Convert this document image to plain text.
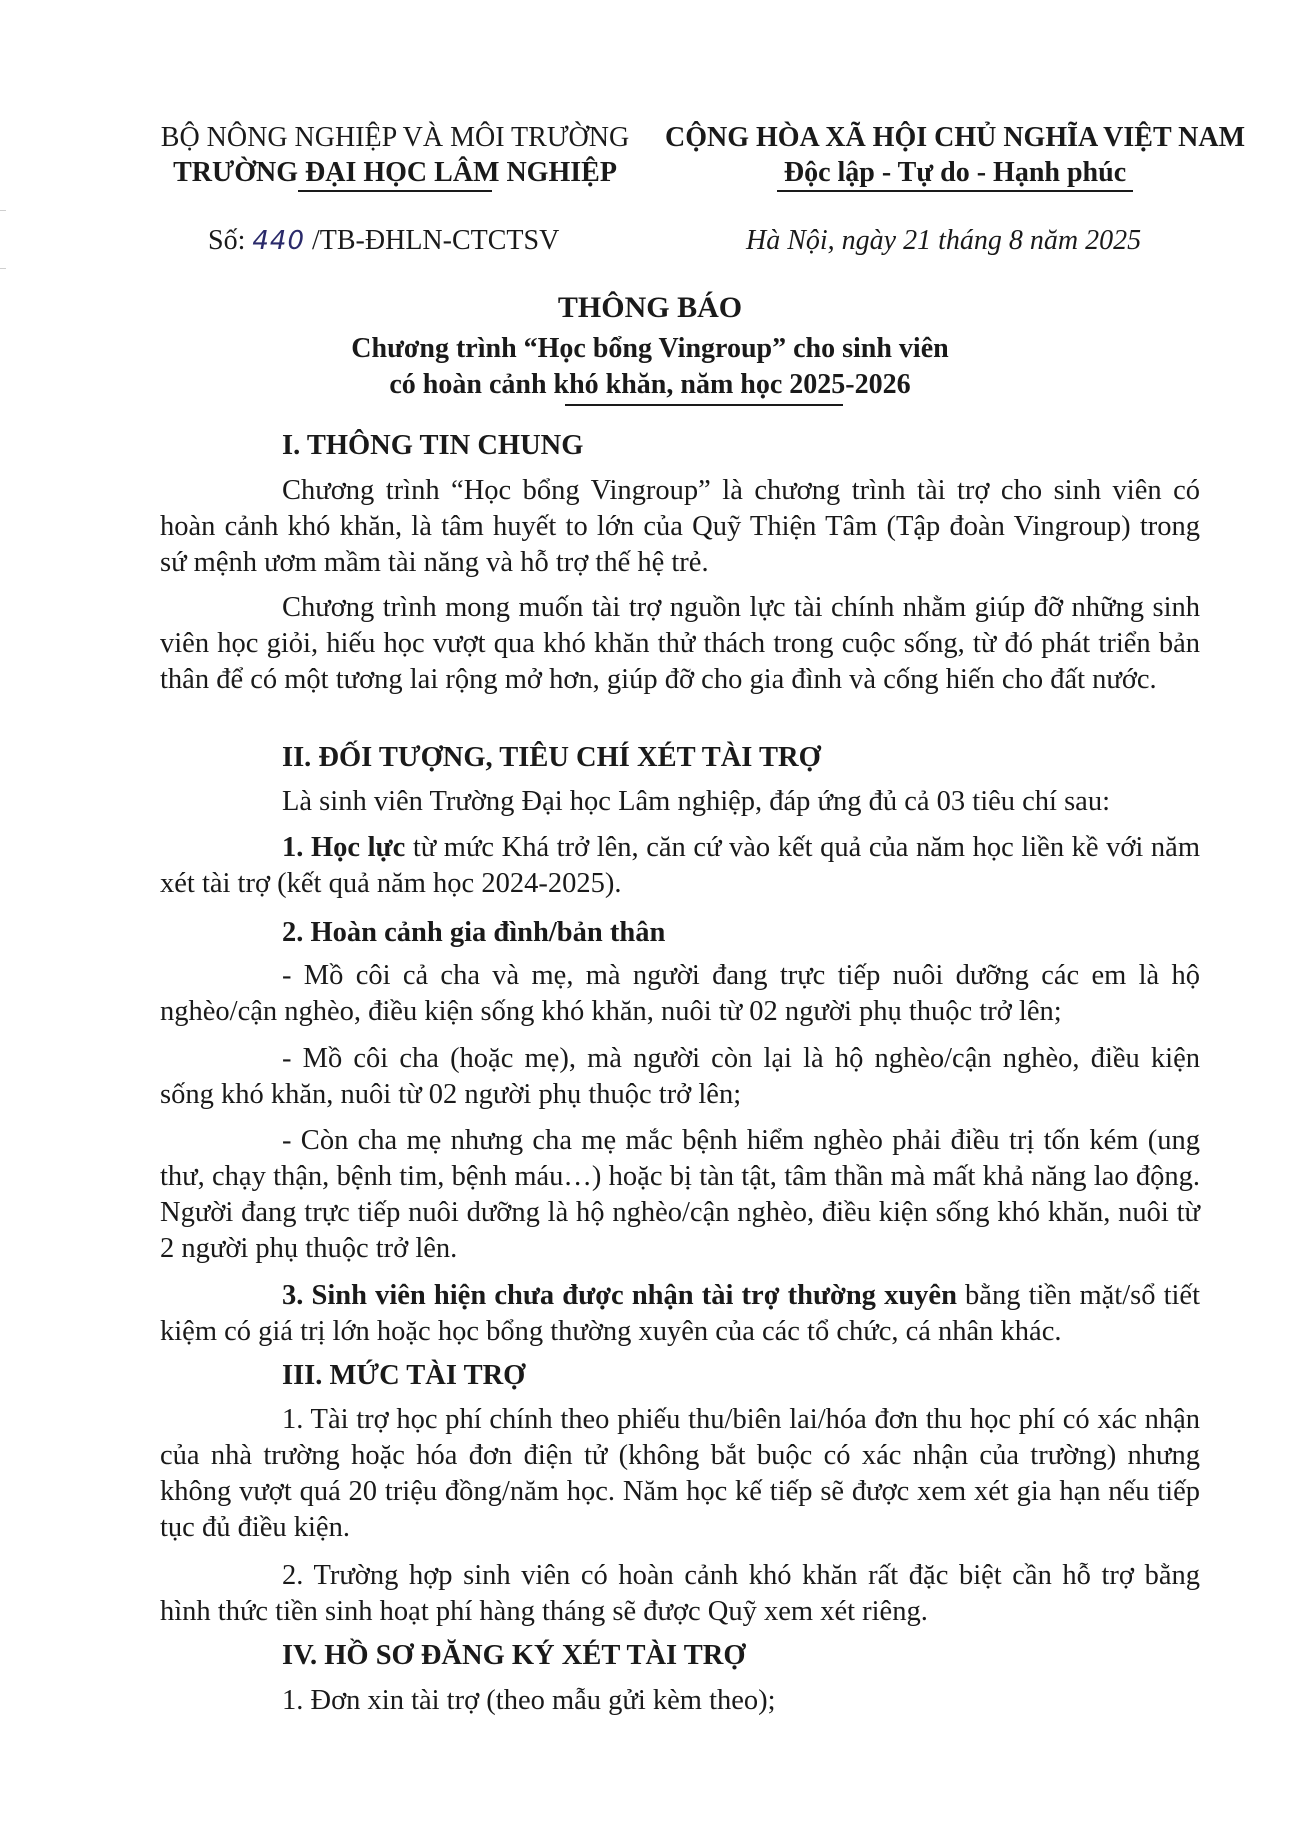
BỘ NÔNG NGHIỆP VÀ MÔI TRƯỜNG
TRƯỜNG ĐẠI HỌC LÂM NGHIỆP
CỘNG HÒA XÃ HỘI CHỦ NGHĨA VIỆT NAM
Độc lập - Tự do - Hạnh phúc
Số: 440 /TB-ĐHLN-CTCTSV	Hà Nội, ngày 21 tháng 8 năm 2025
THÔNG BÁO
Chương trình “Học bổng Vingroup” cho sinh viên
có hoàn cảnh khó khăn, năm học 2025-2026
I. THÔNG TIN CHUNG
Chương trình “Học bổng Vingroup” là chương trình tài trợ cho sinh viên có hoàn cảnh khó khăn, là tâm huyết to lớn của Quỹ Thiện Tâm (Tập đoàn Vingroup) trong sứ mệnh ươm mầm tài năng và hỗ trợ thế hệ trẻ.
Chương trình mong muốn tài trợ nguồn lực tài chính nhằm giúp đỡ những sinh viên học giỏi, hiếu học vượt qua khó khăn thử thách trong cuộc sống, từ đó phát triển bản thân để có một tương lai rộng mở hơn, giúp đỡ cho gia đình và cống hiến cho đất nước.
II. ĐỐI TƯỢNG, TIÊU CHÍ XÉT TÀI TRỢ
Là sinh viên Trường Đại học Lâm nghiệp, đáp ứng đủ cả 03 tiêu chí sau:
1. Học lực từ mức Khá trở lên, căn cứ vào kết quả của năm học liền kề với năm xét tài trợ (kết quả năm học 2024-2025).
2. Hoàn cảnh gia đình/bản thân
- Mồ côi cả cha và mẹ, mà người đang trực tiếp nuôi dưỡng các em là hộ nghèo/cận nghèo, điều kiện sống khó khăn, nuôi từ 02 người phụ thuộc trở lên;
- Mồ côi cha (hoặc mẹ), mà người còn lại là hộ nghèo/cận nghèo, điều kiện sống khó khăn, nuôi từ 02 người phụ thuộc trở lên;
- Còn cha mẹ nhưng cha mẹ mắc bệnh hiểm nghèo phải điều trị tốn kém (ung thư, chạy thận, bệnh tim, bệnh máu…) hoặc bị tàn tật, tâm thần mà mất khả năng lao động. Người đang trực tiếp nuôi dưỡng là hộ nghèo/cận nghèo, điều kiện sống khó khăn, nuôi từ 2 người phụ thuộc trở lên.
3. Sinh viên hiện chưa được nhận tài trợ thường xuyên bằng tiền mặt/sổ tiết kiệm có giá trị lớn hoặc học bổng thường xuyên của các tổ chức, cá nhân khác.
III. MỨC TÀI TRỢ
1. Tài trợ học phí chính theo phiếu thu/biên lai/hóa đơn thu học phí có xác nhận của nhà trường hoặc hóa đơn điện tử (không bắt buộc có xác nhận của trường) nhưng không vượt quá 20 triệu đồng/năm học. Năm học kế tiếp sẽ được xem xét gia hạn nếu tiếp tục đủ điều kiện.
2. Trường hợp sinh viên có hoàn cảnh khó khăn rất đặc biệt cần hỗ trợ bằng hình thức tiền sinh hoạt phí hàng tháng sẽ được Quỹ xem xét riêng.
IV. HỒ SƠ ĐĂNG KÝ XÉT TÀI TRỢ
1. Đơn xin tài trợ (theo mẫu gửi kèm theo);
